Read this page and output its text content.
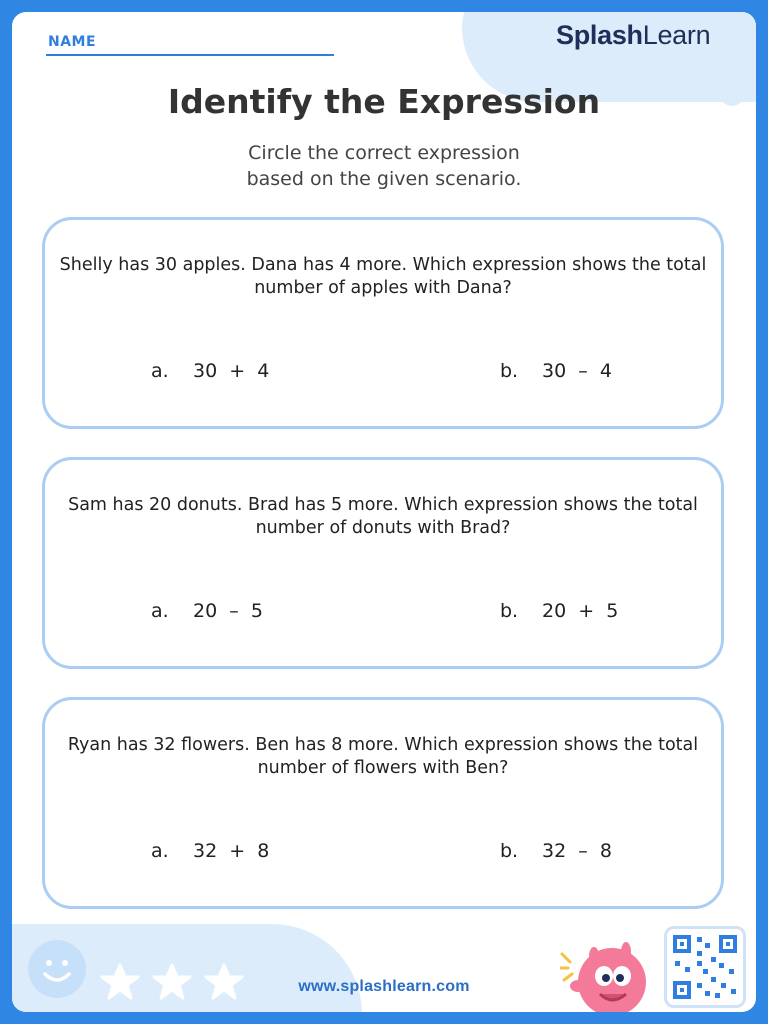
NAME	SplashLearn
Identify the Expression
Circle the correct expression
based on the given scenario.
Shelly has 30 apples. Dana has 4 more. Which expression shows the total number of apples with Dana?
a. 30  +  4	b. 30  –  4
Sam has 20 donuts. Brad has 5 more. Which expression shows the total number of donuts with Brad?
a. 20  –  5	b. 20  +  5
Ryan has 32 flowers. Ben has 8 more. Which expression shows the total number of flowers with Ben?
a. 32  +  8	b. 32  –  8
www.splashlearn.com
